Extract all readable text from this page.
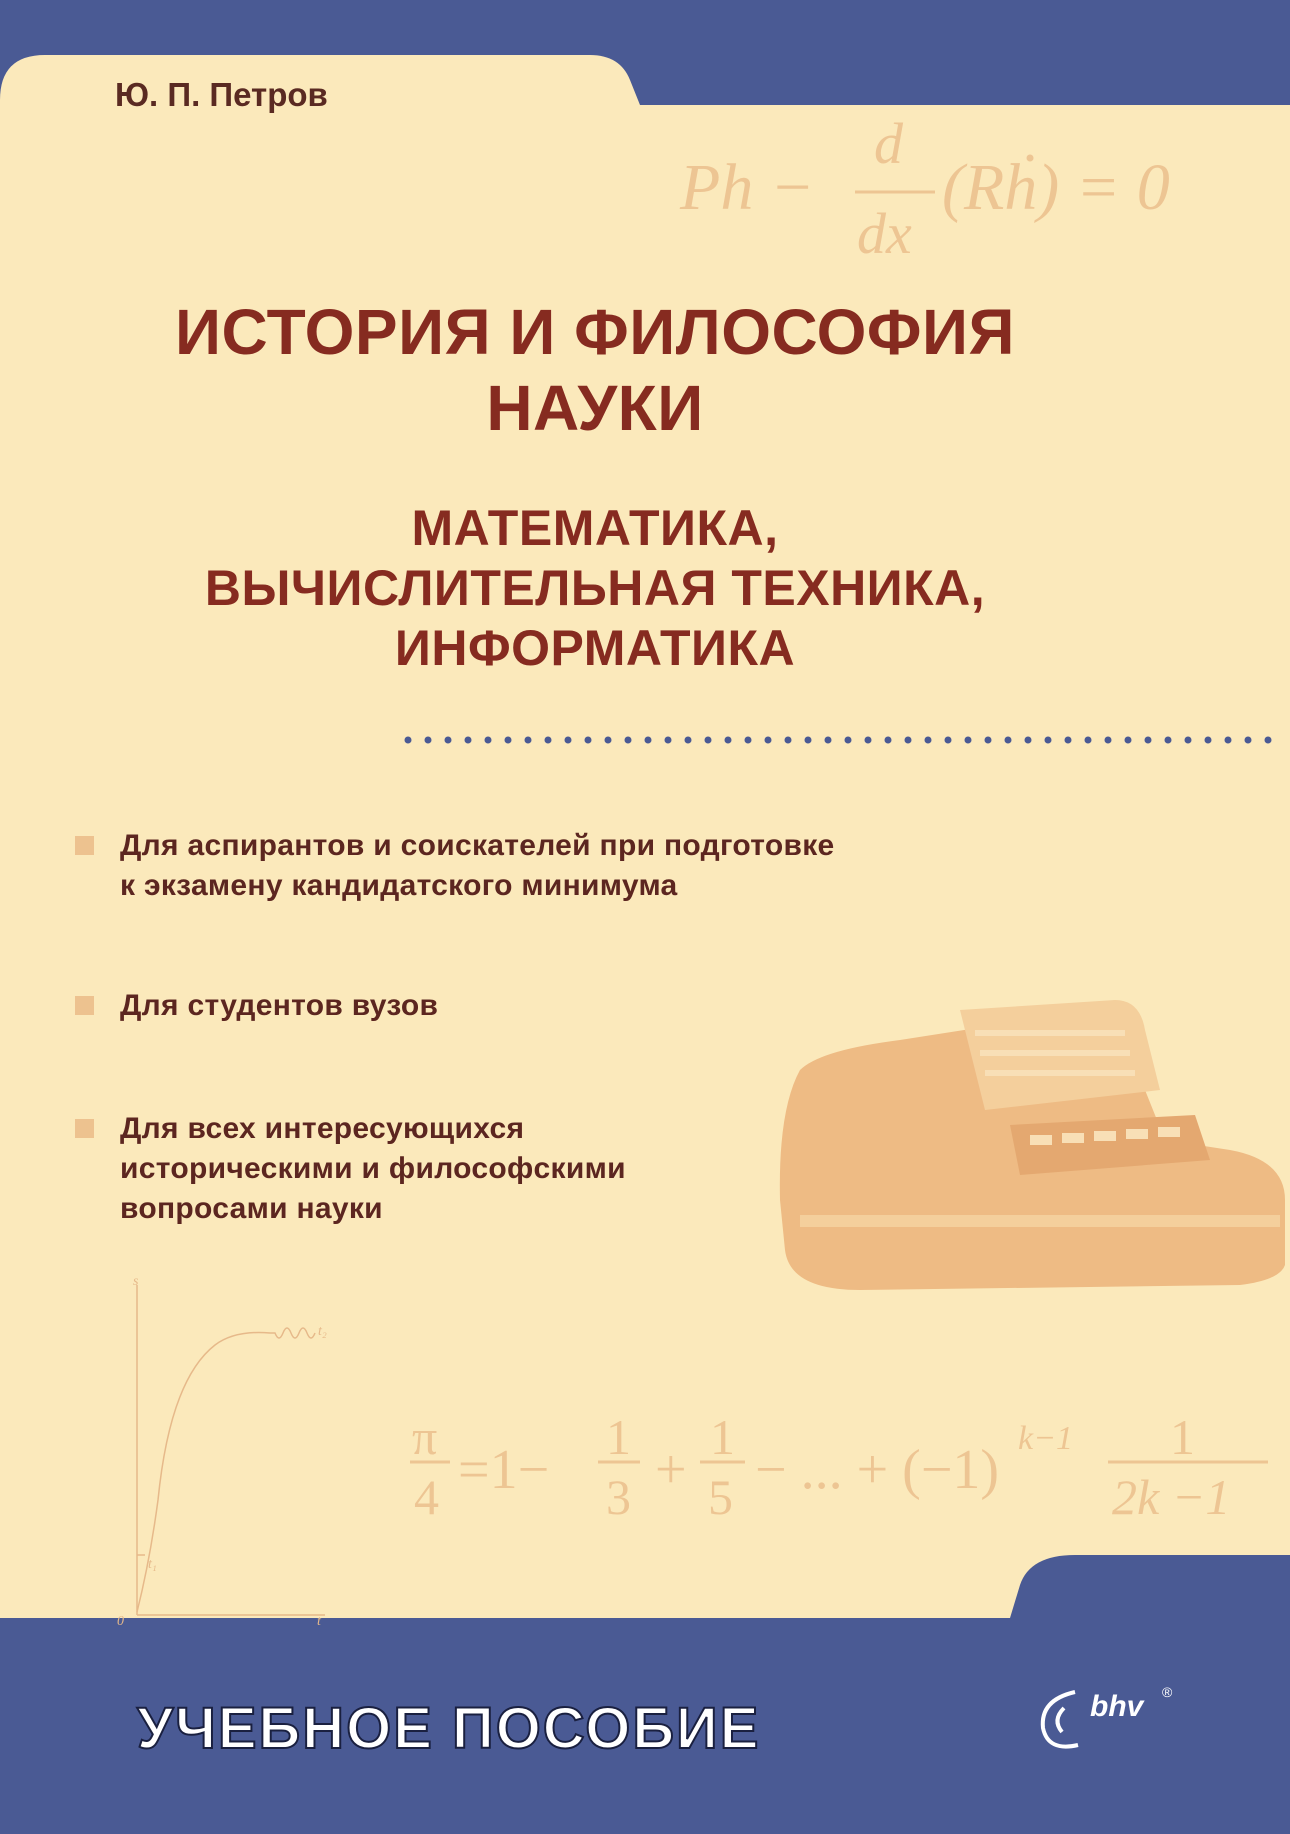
s
t
0
t₁
t₂
Ю. П. Петров
Ph −
d
dx
(Rḣ) = 0
ИСТОРИЯ И ФИЛОСОФИЯ
НАУКИ
МАТЕМАТИКА,
ВЫЧИСЛИТЕЛЬНАЯ ТЕХНИКА,
ИНФОРМАТИКА
Для аспирантов и соискателей при подготовке
к экзамену кандидатского минимума
Для студентов вузов
Для всех интересующихся
историческими и философскими
вопросами науки
π
4 =1−
1
3 +
1
5 − ... + (−1)
k−1 1
2k −1
УЧЕБНОЕ ПОСОБИЕ	bhv ®
